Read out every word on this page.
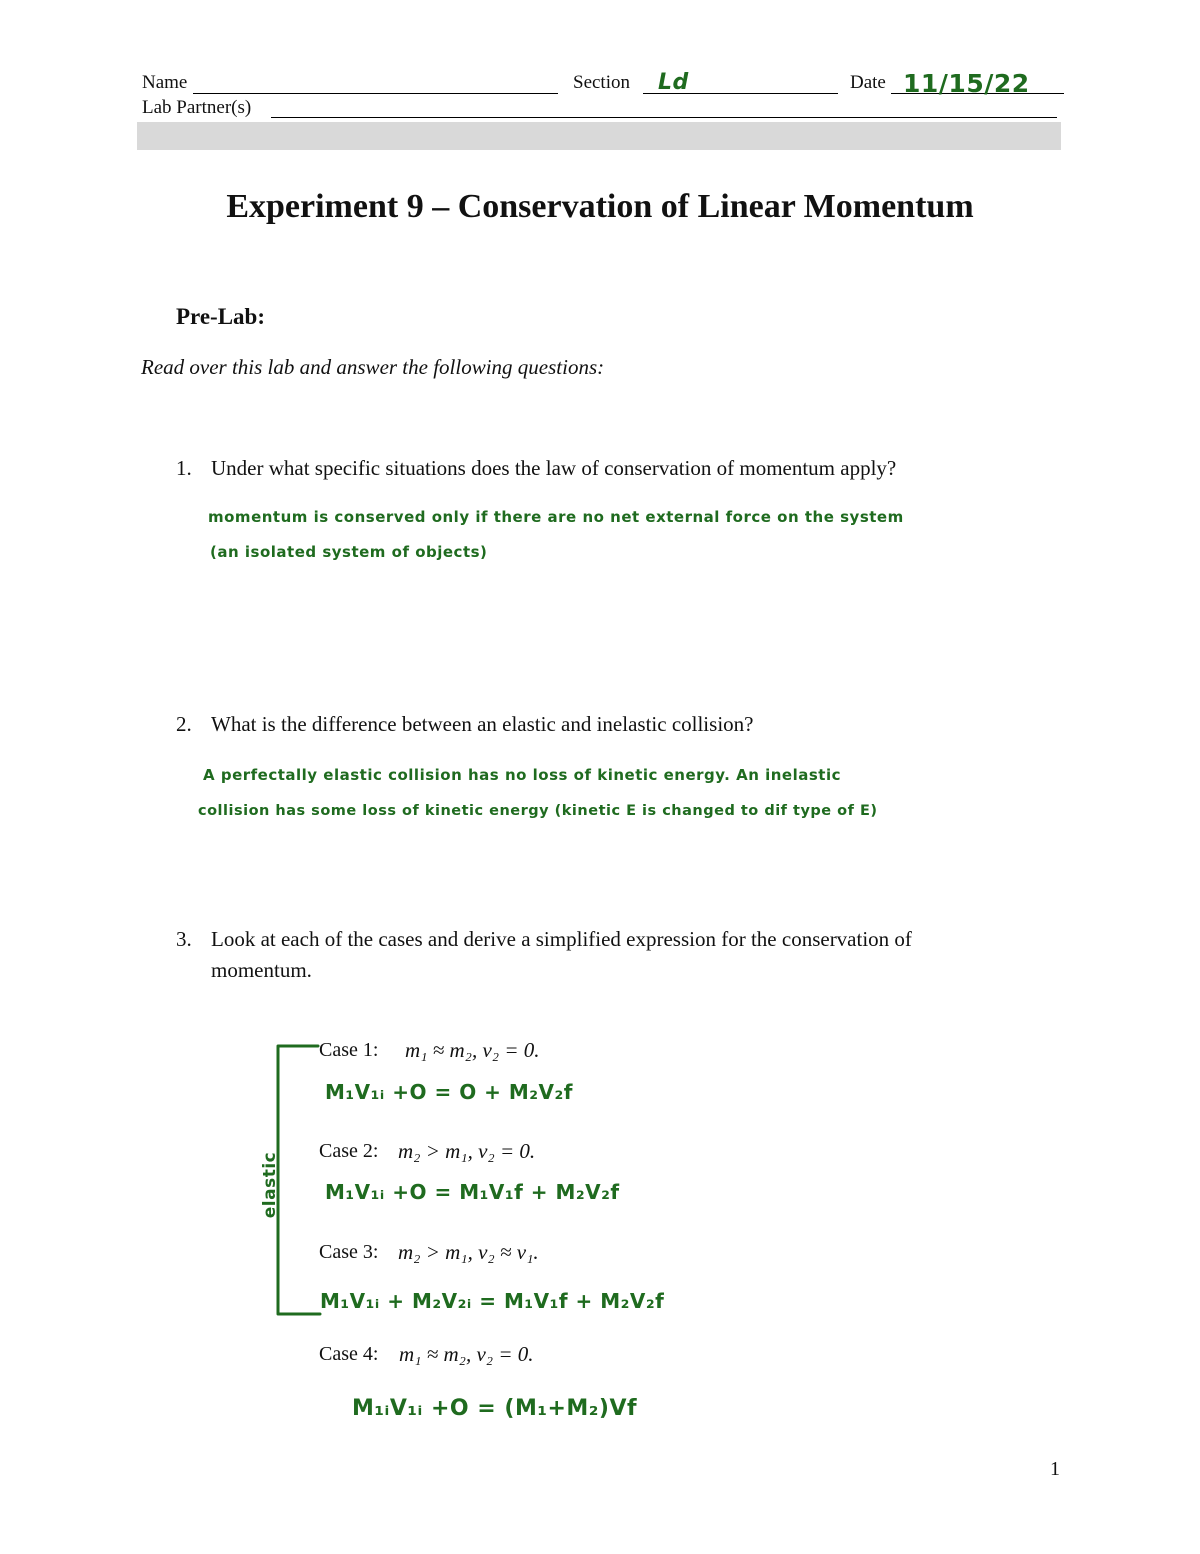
Name	Section Ld	Date 11/15/22
Lab Partner(s)
Experiment 9 – Conservation of Linear Momentum
Pre-Lab:
Read over this lab and answer the following questions:
1. Under what specific situations does the law of conservation of momentum apply?
momentum is conserved only if there are no net external force on the system
(an isolated system of objects)
2. What is the difference between an elastic and inelastic collision?
A perfectally elastic collision has no loss of kinetic energy. An inelastic
collision has some loss of kinetic energy (kinetic E is changed to dif type of E)
3. Look at each of the cases and derive a simplified expression for the conservation of
momentum.
elastic
Case 1: m₁ ≈ m₂, v₂ = 0.
M₁V₁ᵢ +O = O + M₂V₂f
Case 2: m₂ > m₁, v₂ = 0.
M₁V₁ᵢ +O = M₁V₁f + M₂V₂f
Case 3: m₂ > m₁, v₂ ≈ v₁.
M₁V₁ᵢ + M₂V₂ᵢ = M₁V₁f + M₂V₂f
Case 4: m₁ ≈ m₂, v₂ = 0.
M₁ᵢV₁ᵢ +O = (M₁+M₂)Vf
1
